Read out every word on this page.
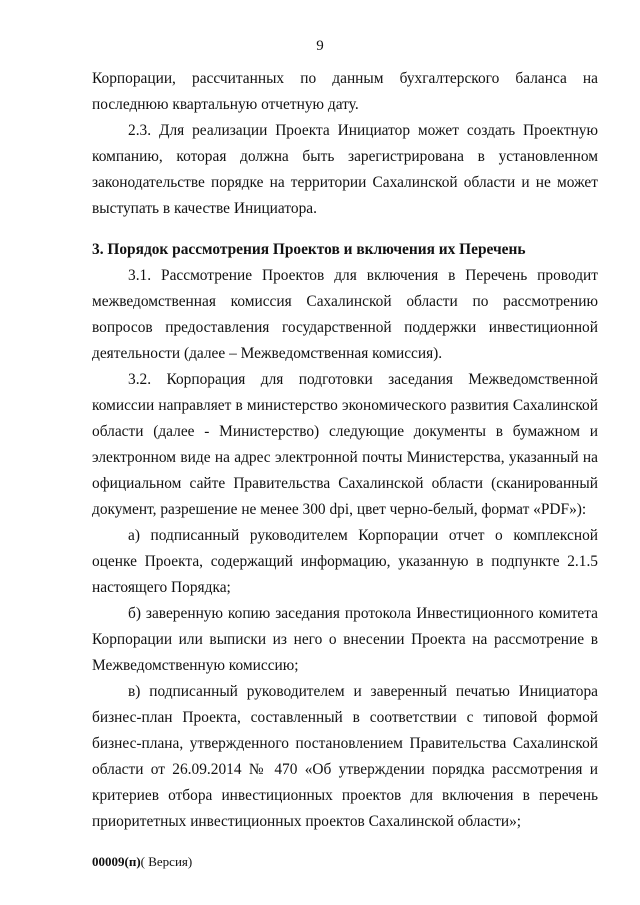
9

Корпорации, рассчитанных по данным бухгалтерского баланса на последнюю квартальную отчетную дату.

2.3. Для реализации Проекта Инициатор может создать Проектную компанию, которая должна быть зарегистрирована в установленном законодательстве порядке на территории Сахалинской области и не может выступать в качестве Инициатора.

3. Порядок рассмотрения Проектов и включения их Перечень

3.1. Рассмотрение Проектов для включения в Перечень проводит межведомственная комиссия Сахалинской области по рассмотрению вопросов предоставления государственной поддержки инвестиционной деятельности (далее – Межведомственная комиссия).

3.2. Корпорация для подготовки заседания Межведомственной комиссии направляет в министерство экономического развития Сахалинской области (далее - Министерство) следующие документы в бумажном и электронном виде на адрес электронной почты Министерства, указанный на официальном сайте Правительства Сахалинской области (сканированный документ, разрешение не менее 300 dpi, цвет черно-белый, формат «PDF»):

а) подписанный руководителем Корпорации отчет о комплексной оценке Проекта, содержащий информацию, указанную в подпункте 2.1.5 настоящего Порядка;

б) заверенную копию заседания протокола Инвестиционного комитета Корпорации или выписки из него о внесении Проекта на рассмотрение в Межведомственную комиссию;

в) подписанный руководителем и заверенный печатью Инициатора бизнес-план Проекта, составленный в соответствии с типовой формой бизнес-плана, утвержденного постановлением Правительства Сахалинской области от 26.09.2014 № 470 «Об утверждении порядка рассмотрения и критериев отбора инвестиционных проектов для включения в перечень приоритетных инвестиционных проектов Сахалинской области»;

00009(п)( Версия)
